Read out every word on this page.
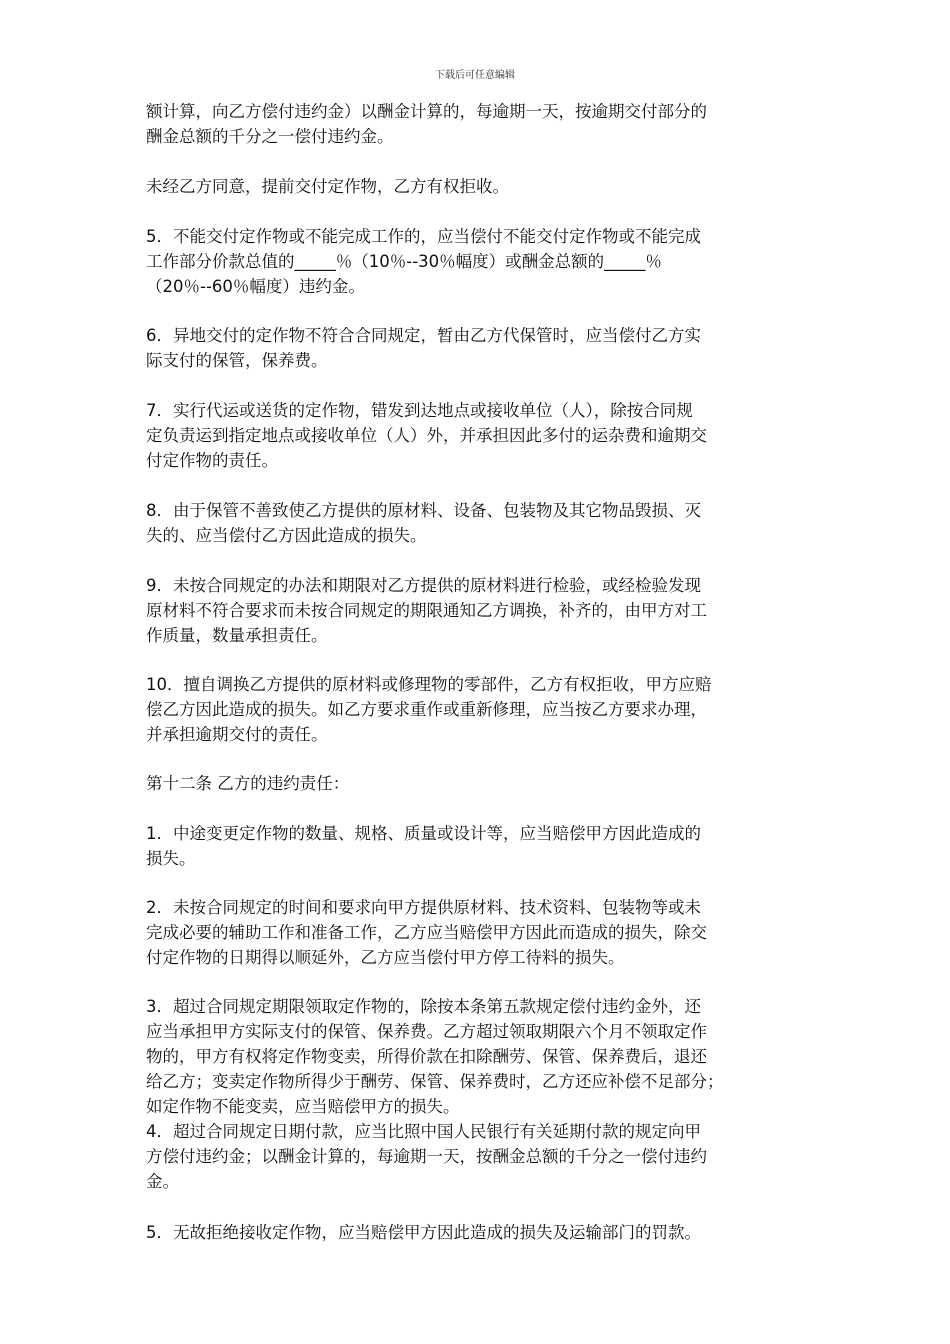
下载后可任意编辑
额计算，向乙方偿付违约金）以酬金计算的，每逾期一天，按逾期交付部分的
酬金总额的千分之一偿付违约金。
未经乙方同意，提前交付定作物，乙方有权拒收。
5．不能交付定作物或不能完成工作的，应当偿付不能交付定作物或不能完成
工作部分价款总值的_____％（10％--30％幅度）或酬金总额的_____％
（20％--60％幅度）违约金。
6．异地交付的定作物不符合合同规定，暂由乙方代保管时，应当偿付乙方实
际支付的保管，保养费。
7．实行代运或送货的定作物，错发到达地点或接收单位（人），除按合同规
定负责运到指定地点或接收单位（人）外，并承担因此多付的运杂费和逾期交
付定作物的责任。
8．由于保管不善致使乙方提供的原材料、设备、包装物及其它物品毁损、灭
失的、应当偿付乙方因此造成的损失。
9．未按合同规定的办法和期限对乙方提供的原材料进行检验，或经检验发现
原材料不符合要求而未按合同规定的期限通知乙方调换，补齐的，由甲方对工
作质量，数量承担责任。
10．擅自调换乙方提供的原材料或修理物的零部件，乙方有权拒收，甲方应赔
偿乙方因此造成的损失。如乙方要求重作或重新修理，应当按乙方要求办理，
并承担逾期交付的责任。
第十二条 乙方的违约责任：
1．中途变更定作物的数量、规格、质量或设计等，应当赔偿甲方因此造成的
损失。
2．未按合同规定的时间和要求向甲方提供原材料、技术资料、包装物等或未
完成必要的辅助工作和准备工作，乙方应当赔偿甲方因此而造成的损失，除交
付定作物的日期得以顺延外，乙方应当偿付甲方停工待料的损失。
3．超过合同规定期限领取定作物的，除按本条第五款规定偿付违约金外，还
应当承担甲方实际支付的保管、保养费。乙方超过领取期限六个月不领取定作
物的，甲方有权将定作物变卖，所得价款在扣除酬劳、保管、保养费后，退还
给乙方；变卖定作物所得少于酬劳、保管、保养费时，乙方还应补偿不足部分；
如定作物不能变卖，应当赔偿甲方的损失。
4．超过合同规定日期付款，应当比照中国人民银行有关延期付款的规定向甲
方偿付违约金；以酬金计算的，每逾期一天，按酬金总额的千分之一偿付违约
金。
5．无故拒绝接收定作物，应当赔偿甲方因此造成的损失及运输部门的罚款。
